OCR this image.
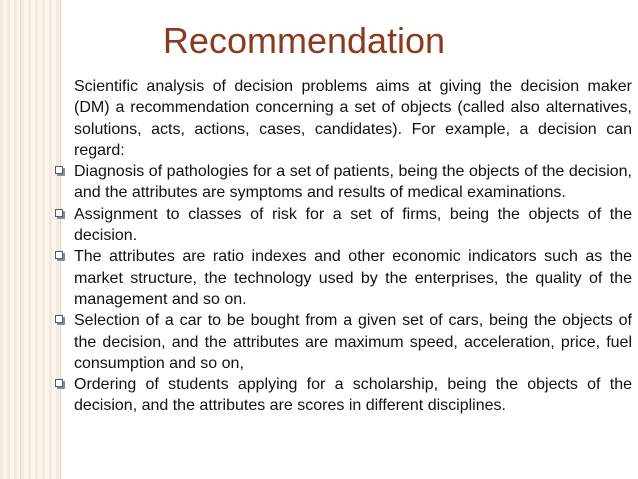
Recommendation

Scientific analysis of decision problems aims at giving the decision maker (DM) a recommendation concerning a set of objects (called also alternatives, solutions, acts, actions, cases, candidates). For example, a decision can regard:

Diagnosis of pathologies for a set of patients, being the objects of the decision, and the attributes are symptoms and results of medical examinations.

Assignment to classes of risk for a set of firms, being the objects of the decision.

The attributes are ratio indexes and other economic indicators such as the market structure, the technology used by the enterprises, the quality of the management and so on.

Selection of a car to be bought from a given set of cars, being the objects of the decision, and the attributes are maximum speed, acceleration, price, fuel consumption and so on,

Ordering of students applying for a scholarship, being the objects of the decision, and the attributes are scores in different disciplines.
